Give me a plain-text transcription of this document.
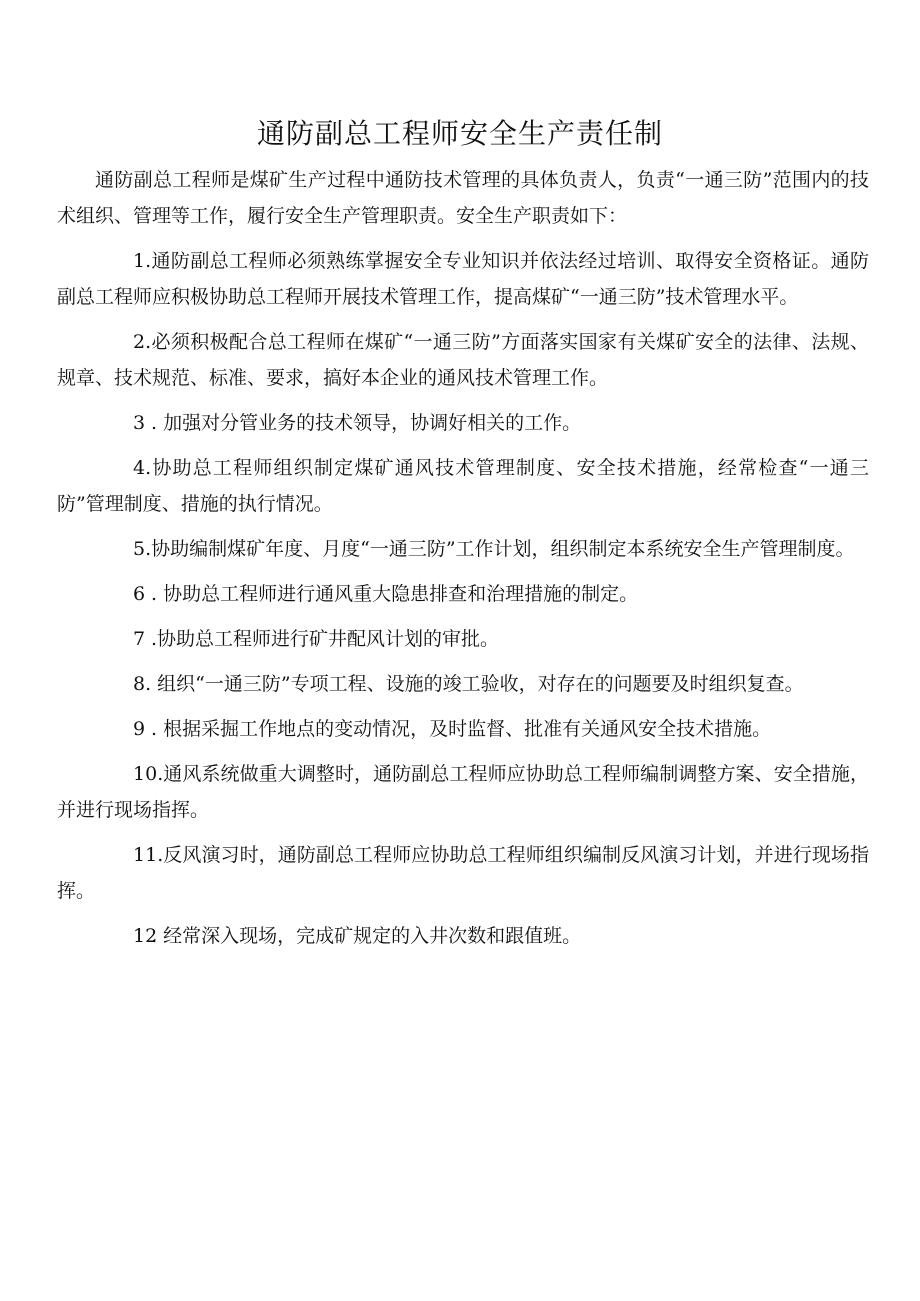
通防副总工程师安全生产责任制

通防副总工程师是煤矿生产过程中通防技术管理的具体负责人，负责“一通三防”范围内的技术组织、管理等工作，履行安全生产管理职责。安全生产职责如下：

1.通防副总工程师必须熟练掌握安全专业知识并依法经过培训、取得安全资格证。通防副总工程师应积极协助总工程师开展技术管理工作，提高煤矿“一通三防”技术管理水平。

2.必须积极配合总工程师在煤矿“一通三防”方面落实国家有关煤矿安全的法律、法规、规章、技术规范、标准、要求，搞好本企业的通风技术管理工作。

3 . 加强对分管业务的技术领导，协调好相关的工作。

4.协助总工程师组织制定煤矿通风技术管理制度、安全技术措施，经常检查“一通三防”管理制度、措施的执行情况。

5.协助编制煤矿年度、月度“一通三防”工作计划，组织制定本系统安全生产管理制度。

6 . 协助总工程师进行通风重大隐患排查和治理措施的制定。

7 .协助总工程师进行矿井配风计划的审批。

8. 组织“一通三防”专项工程、设施的竣工验收，对存在的问题要及时组织复查。

9 . 根据采掘工作地点的变动情况，及时监督、批准有关通风安全技术措施。

10.通风系统做重大调整时，通防副总工程师应协助总工程师编制调整方案、安全措施，并进行现场指挥。

11.反风演习时，通防副总工程师应协助总工程师组织编制反风演习计划，并进行现场指挥。

12. 经常深入现场，完成矿规定的入井次数和跟值班。
